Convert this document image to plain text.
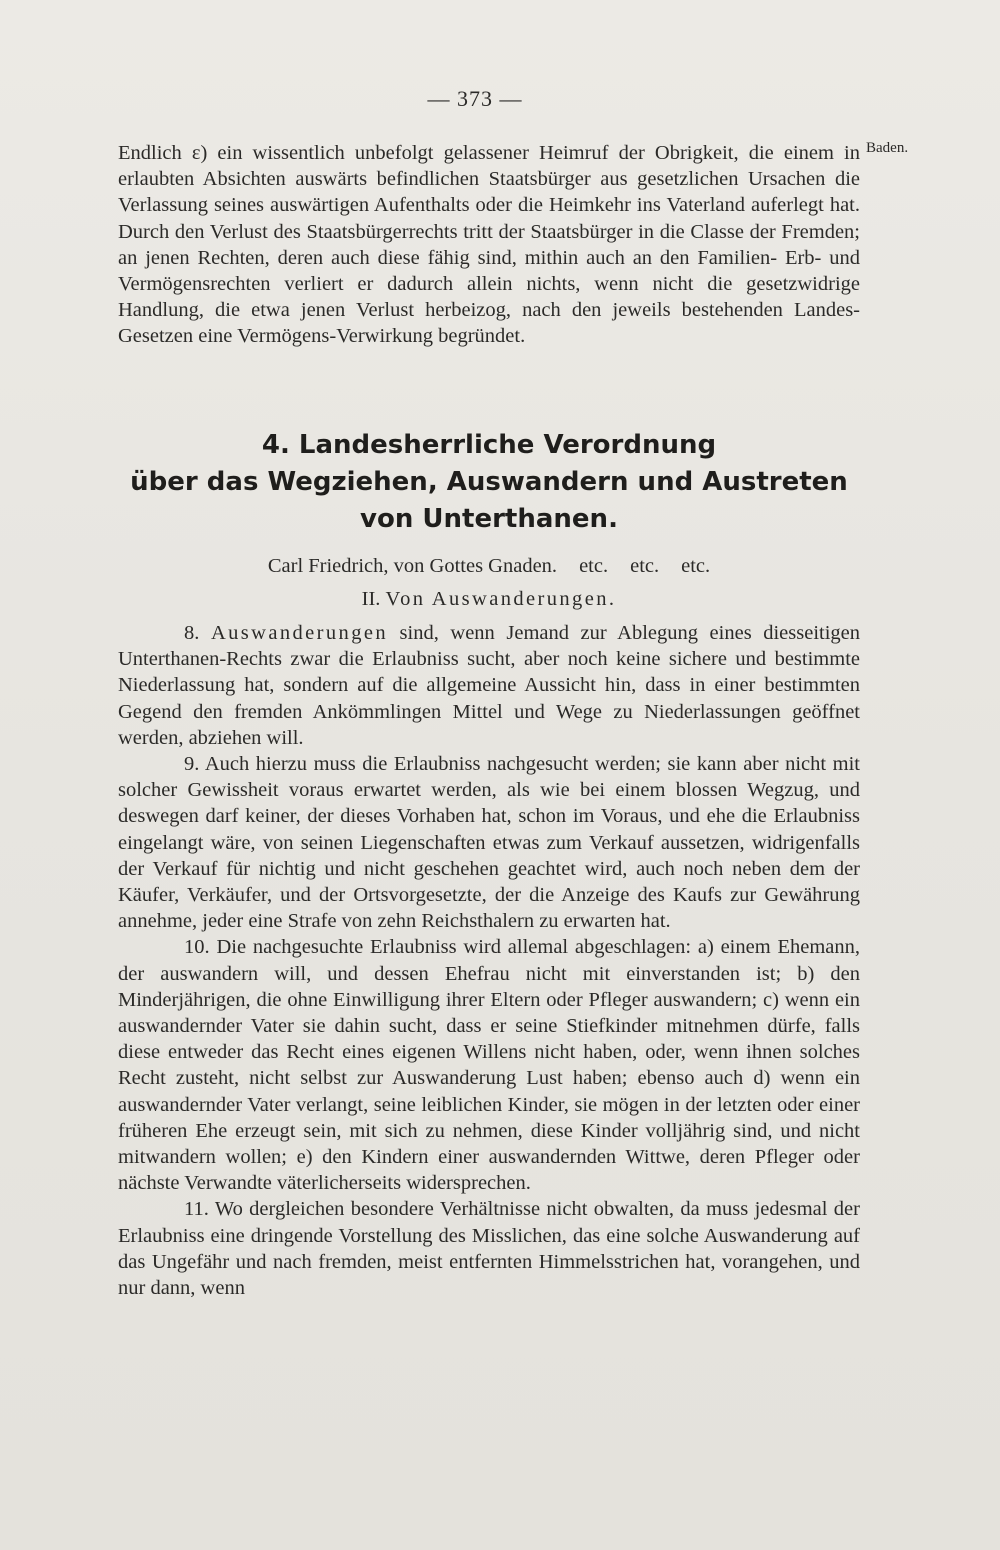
— 373 —
Baden.

Endlich ε) ein wissentlich unbefolgt gelassener Heimruf der Obrigkeit, die einem in erlaubten Absichten auswärts befindlichen Staatsbürger aus gesetzlichen Ursachen die Verlassung seines auswärtigen Aufenthalts oder die Heimkehr ins Vaterland auferlegt hat. Durch den Verlust des Staatsbürgerrechts tritt der Staatsbürger in die Classe der Fremden; an jenen Rechten, deren auch diese fähig sind, mithin auch an den Familien- Erb- und Vermögensrechten verliert er dadurch allein nichts, wenn nicht die gesetzwidrige Handlung, die etwa jenen Verlust herbeizog, nach den jeweils bestehenden Landes-Gesetzen eine Vermögens-Verwirkung begründet.

4. Landesherrliche Verordnung
über das Wegziehen, Auswandern und Austreten
von Unterthanen.
Carl Friedrich, von Gottes Gnaden. etc. etc. etc.
II. Von Auswanderungen.

8. Auswanderungen sind, wenn Jemand zur Ablegung eines diesseitigen Unterthanen-Rechts zwar die Erlaubniss sucht, aber noch keine sichere und bestimmte Niederlassung hat, sondern auf die allgemeine Aussicht hin, dass in einer bestimmten Gegend den fremden Ankömmlingen Mittel und Wege zu Niederlassungen geöffnet werden, abziehen will.

9. Auch hierzu muss die Erlaubniss nachgesucht werden; sie kann aber nicht mit solcher Gewissheit voraus erwartet werden, als wie bei einem blossen Wegzug, und deswegen darf keiner, der dieses Vorhaben hat, schon im Voraus, und ehe die Erlaubniss eingelangt wäre, von seinen Liegenschaften etwas zum Verkauf aussetzen, widrigenfalls der Verkauf für nichtig und nicht geschehen geachtet wird, auch noch neben dem der Käufer, Verkäufer, und der Ortsvorgesetzte, der die Anzeige des Kaufs zur Gewährung annehme, jeder eine Strafe von zehn Reichsthalern zu erwarten hat.

10. Die nachgesuchte Erlaubniss wird allemal abgeschlagen: a) einem Ehemann, der auswandern will, und dessen Ehefrau nicht mit einverstanden ist; b) den Minderjährigen, die ohne Einwilligung ihrer Eltern oder Pfleger auswandern; c) wenn ein auswandernder Vater sie dahin sucht, dass er seine Stiefkinder mitnehmen dürfe, falls diese entweder das Recht eines eigenen Willens nicht haben, oder, wenn ihnen solches Recht zusteht, nicht selbst zur Auswanderung Lust haben; ebenso auch d) wenn ein auswandernder Vater verlangt, seine leiblichen Kinder, sie mögen in der letzten oder einer früheren Ehe erzeugt sein, mit sich zu nehmen, diese Kinder volljährig sind, und nicht mitwandern wollen; e) den Kindern einer auswandernden Wittwe, deren Pfleger oder nächste Verwandte väterlicherseits widersprechen.

11. Wo dergleichen besondere Verhältnisse nicht obwalten, da muss jedesmal der Erlaubniss eine dringende Vorstellung des Misslichen, das eine solche Auswanderung auf das Ungefähr und nach fremden, meist entfernten Himmelsstrichen hat, vorangehen, und nur dann, wenn
